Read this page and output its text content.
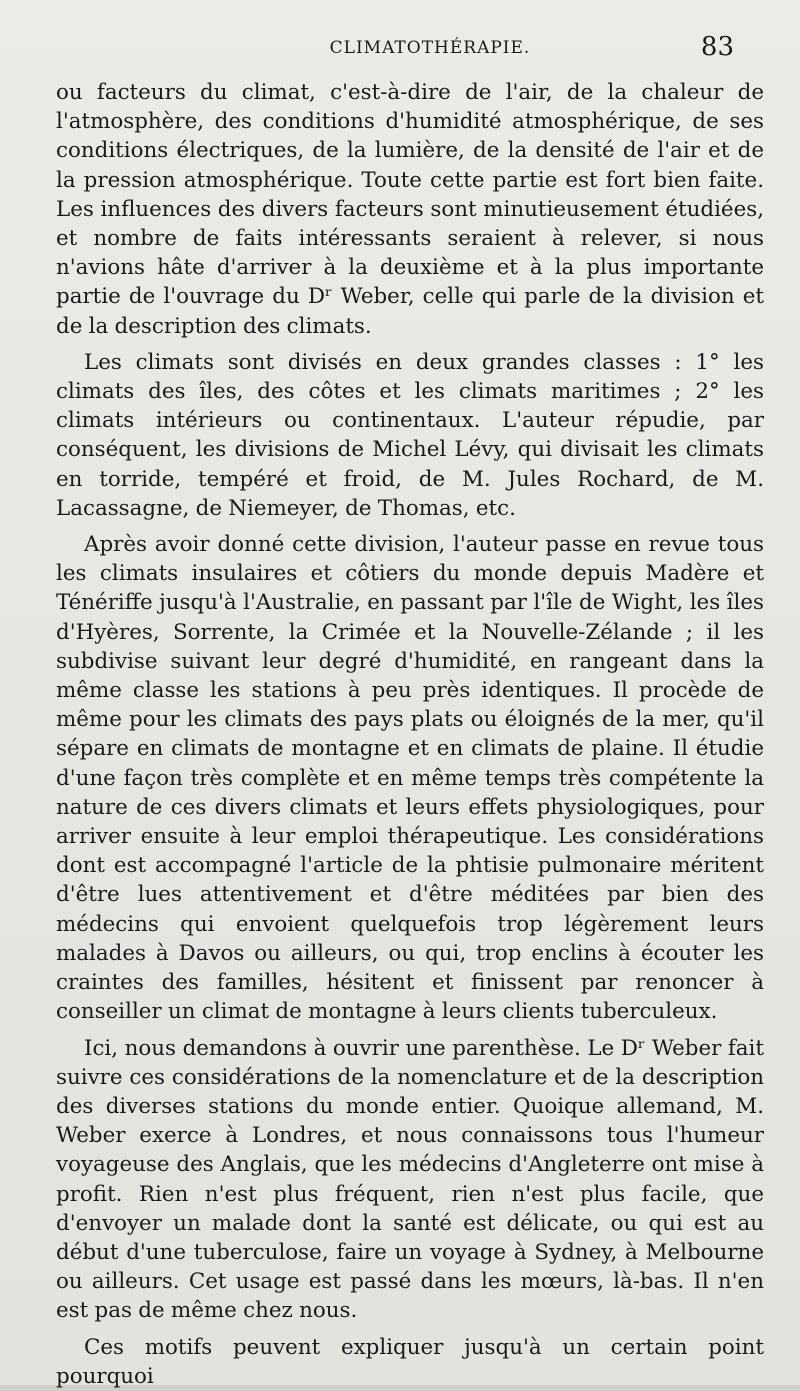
CLIMATOTHÉRAPIE.	83

ou facteurs du climat, c'est-à-dire de l'air, de la chaleur de l'atmosphère, des conditions d'humidité atmosphérique, de ses conditions électriques, de la lumière, de la densité de l'air et de la pression atmosphérique. Toute cette partie est fort bien faite. Les influences des divers facteurs sont minutieusement étudiées, et nombre de faits intéressants seraient à relever, si nous n'avions hâte d'arriver à la deuxième et à la plus importante partie de l'ouvrage du Dʳ Weber, celle qui parle de la division et de la description des climats.

Les climats sont divisés en deux grandes classes : 1° les climats des îles, des côtes et les climats maritimes ; 2° les climats intérieurs ou continentaux. L'auteur répudie, par conséquent, les divisions de Michel Lévy, qui divisait les climats en torride, tempéré et froid, de M. Jules Rochard, de M. Lacassagne, de Niemeyer, de Thomas, etc.

Après avoir donné cette division, l'auteur passe en revue tous les climats insulaires et côtiers du monde depuis Madère et Ténériffe jusqu'à l'Australie, en passant par l'île de Wight, les îles d'Hyères, Sorrente, la Crimée et la Nouvelle-Zélande ; il les subdivise suivant leur degré d'humidité, en rangeant dans la même classe les stations à peu près identiques. Il procède de même pour les climats des pays plats ou éloignés de la mer, qu'il sépare en climats de montagne et en climats de plaine. Il étudie d'une façon très complète et en même temps très compétente la nature de ces divers climats et leurs effets physiologiques, pour arriver ensuite à leur emploi thérapeutique. Les considérations dont est accompagné l'article de la phtisie pulmonaire méritent d'être lues attentivement et d'être méditées par bien des médecins qui envoient quelquefois trop légèrement leurs malades à Davos ou ailleurs, ou qui, trop enclins à écouter les craintes des familles, hésitent et finissent par renoncer à conseiller un climat de montagne à leurs clients tuberculeux.

Ici, nous demandons à ouvrir une parenthèse. Le Dʳ Weber fait suivre ces considérations de la nomenclature et de la description des diverses stations du monde entier. Quoique allemand, M. Weber exerce à Londres, et nous connaissons tous l'humeur voyageuse des Anglais, que les médecins d'Angleterre ont mise à profit. Rien n'est plus fréquent, rien n'est plus facile, que d'envoyer un malade dont la santé est délicate, ou qui est au début d'une tuberculose, faire un voyage à Sydney, à Melbourne ou ailleurs. Cet usage est passé dans les mœurs, là-bas. Il n'en est pas de même chez nous.

Ces motifs peuvent expliquer jusqu'à un certain point pourquoi
